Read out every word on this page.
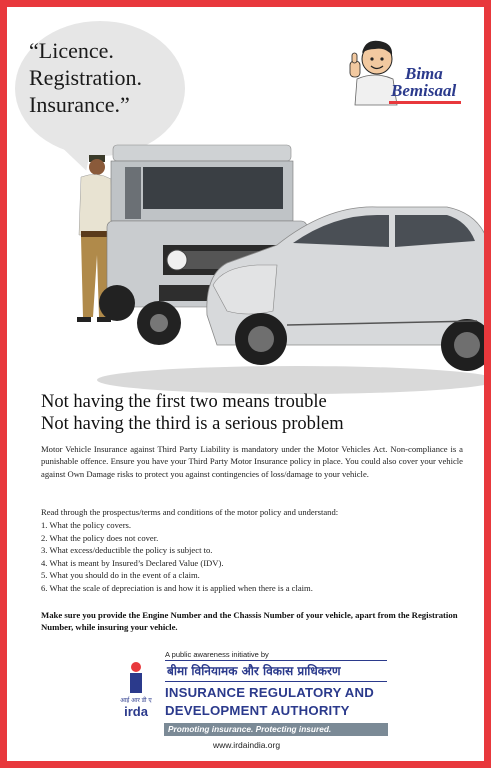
“Licence.
Registration.
Insurance.”

Bima
Bemisaal
Not having the first two means trouble
Not having the third is a serious problem
Motor Vehicle Insurance against Third Party Liability is mandatory under the Motor Vehicles Act. Non-compliance is a punishable offence. Ensure you have your Third Party Motor Insurance policy in place. You could also cover your vehicle against Own Damage risks to protect you against contingencies of loss/damage to your vehicle.
Read through the prospectus/terms and conditions of the motor policy and understand:
1. What the policy covers.
2. What the policy does not cover.
3. What excess/deductible the policy is subject to.
4. What is meant by Insured’s Declared Value (IDV).
5. What you should do in the event of a claim.
6. What the scale of depreciation is and how it is applied when there is a claim.
Make sure you provide the Engine Number and the Chassis Number of your vehicle, apart from the Registration Number, while insuring your vehicle.
A public awareness initiative by
आई आर डी ए
irda
बीमा विनियामक और विकास प्राधिकरण
INSURANCE REGULATORY AND
DEVELOPMENT AUTHORITY
Promoting insurance. Protecting insured.
www.irdaindia.org
